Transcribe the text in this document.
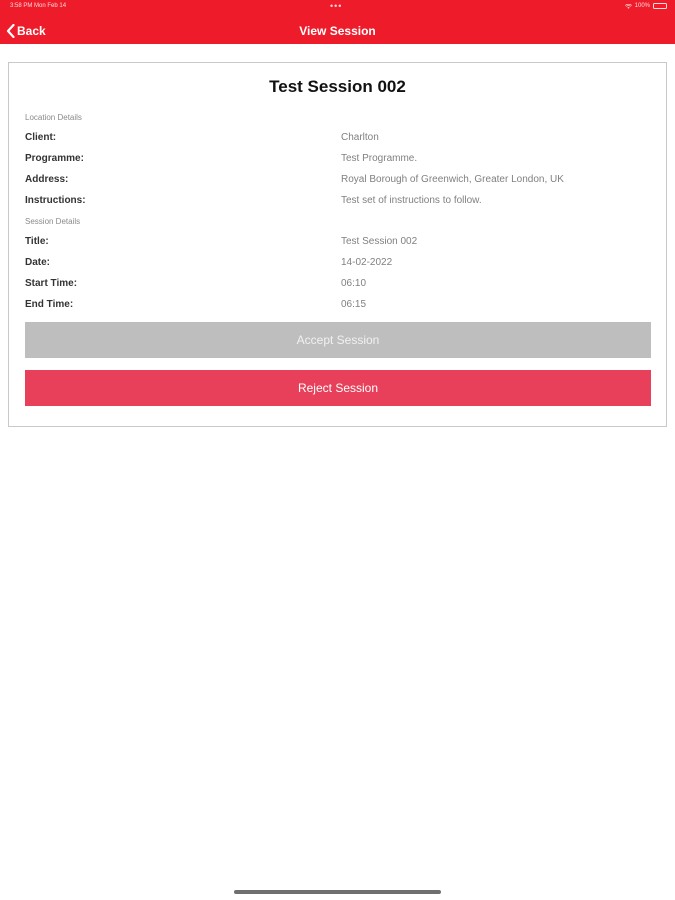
3:58 PM Mon Feb 14	•••	100%
Back	View Session
Test Session 002
Location Details
Client:	Charlton
Programme:	Test Programme.
Address:	Royal Borough of Greenwich, Greater London, UK
Instructions:	Test set of instructions to follow.
Session Details
Title:	Test Session 002
Date:	14-02-2022
Start Time:	06:10
End Time:	06:15
Accept Session
Reject Session
